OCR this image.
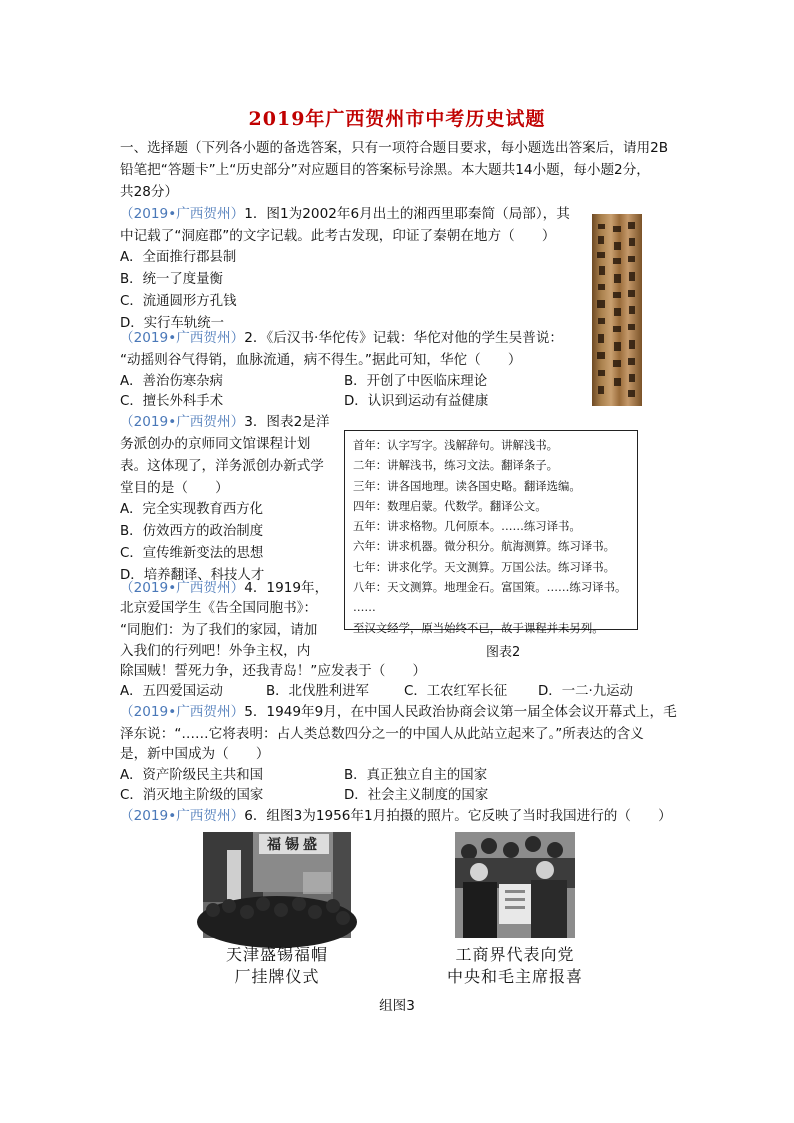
2019年广西贺州市中考历史试题
一、选择题（下列各小题的备选答案，只有一项符合题目要求，每小题选出答案后，请用2B
铅笔把“答题卡”上“历史部分”对应题目的答案标号涂黑。本大题共14小题，每小题2分，
共28分）
（2019•广西贺州）1．图1为2002年6月出土的湘西里耶秦简（局部），其
中记载了“洞庭郡”的文字记载。此考古发现，印证了秦朝在地方（　　）
A．全面推行郡县制
B．统一了度量衡
C．流通圆形方孔钱
D．实行车轨统一
（2019•广西贺州）2．《后汉书·华佗传》记载：华佗对他的学生吴普说：
“动摇则谷气得销，血脉流通，病不得生。”据此可知，华佗（　　）
A．善治伤寒杂病	B．开创了中医临床理论
C．擅长外科手术	D．认识到运动有益健康
（2019•广西贺州）3．图表2是洋
务派创办的京师同文馆课程计划
表。这体现了，洋务派创办新式学
堂目的是（　　）
A．完全实现教育西方化
B．仿效西方的政治制度
C．宣传维新变法的思想
D．培养翻译、科技人才
首年：认字写字。浅解辞句。讲解浅书。
二年：讲解浅书，练习文法。翻译条子。
三年：讲各国地理。读各国史略。翻译选编。
四年：数理启蒙。代数学。翻译公文。
五年：讲求格物。几何原本。……练习译书。
六年：讲求机器。微分积分。航海测算。练习译书。
七年：讲求化学。天文测算。万国公法。练习译书。
八年：天文测算。地理金石。富国策。……练习译书。
……
至汉文经学，原当始终不已，故于课程并未另列。
图表2
（2019•广西贺州）4．1919年，
北京爱国学生《告全国同胞书》：
“同胞们：为了我们的家园，请加
入我们的行列吧！外争主权，内
除国贼！誓死力争，还我青岛！”应发表于（　　）
A．五四爱国运动	B．北伐胜利进军	C．工农红军长征 D．一二·九运动
（2019•广西贺州）5．1949年9月，在中国人民政治协商会议第一届全体会议开幕式上，毛
泽东说：“……它将表明：占人类总数四分之一的中国人从此站立起来了。”所表达的含义
是，新中国成为（　　）
A．资产阶级民主共和国	B．真正独立自主的国家
C．消灭地主阶级的国家	D．社会主义制度的国家
（2019•广西贺州）6．组图3为1956年1月拍摄的照片。它反映了当时我国进行的（　　）
福锡盛
天津盛锡福帽
厂挂牌仪式
工商界代表向党
中央和毛主席报喜
组图3
